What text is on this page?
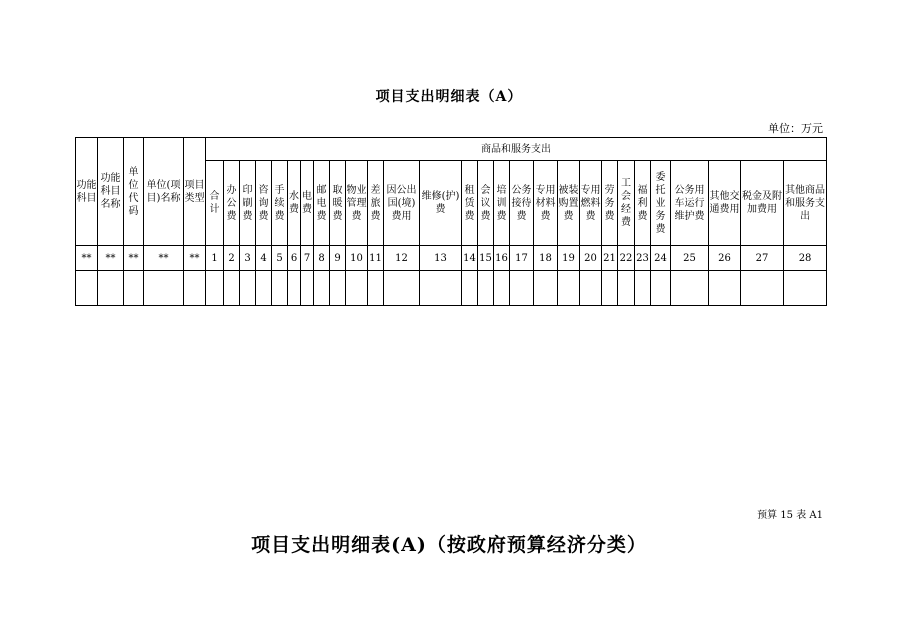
项目支出明细表（A）
单位：万元
功能科目	功能科目名称	单位代码	单位(项目)名称	项目类型	商品和服务支出																											
					合计	办公费	印刷费	咨询费	手续费	水费	电费	邮电费	取暖费	物业管理费	差旅费	因公出国(境)费用	维修(护)费	租赁费	会议费	培训费	公务接待费	专用材料费	被装购置费	专用燃料费	劳务费	工会经费	福利费	委托业务费	公务用车运行维护费	其他交通费用	税金及附加费用	其他商品和服务支出
**	**	**	**	**	1	2	3	4	5	6	7	8	9	10	11	12	13	14	15	16	17	18	19	20	21	22	23	24	25	26	27	28

预算 15 表 A1
项目支出明细表(A)（按政府预算经济分类）
